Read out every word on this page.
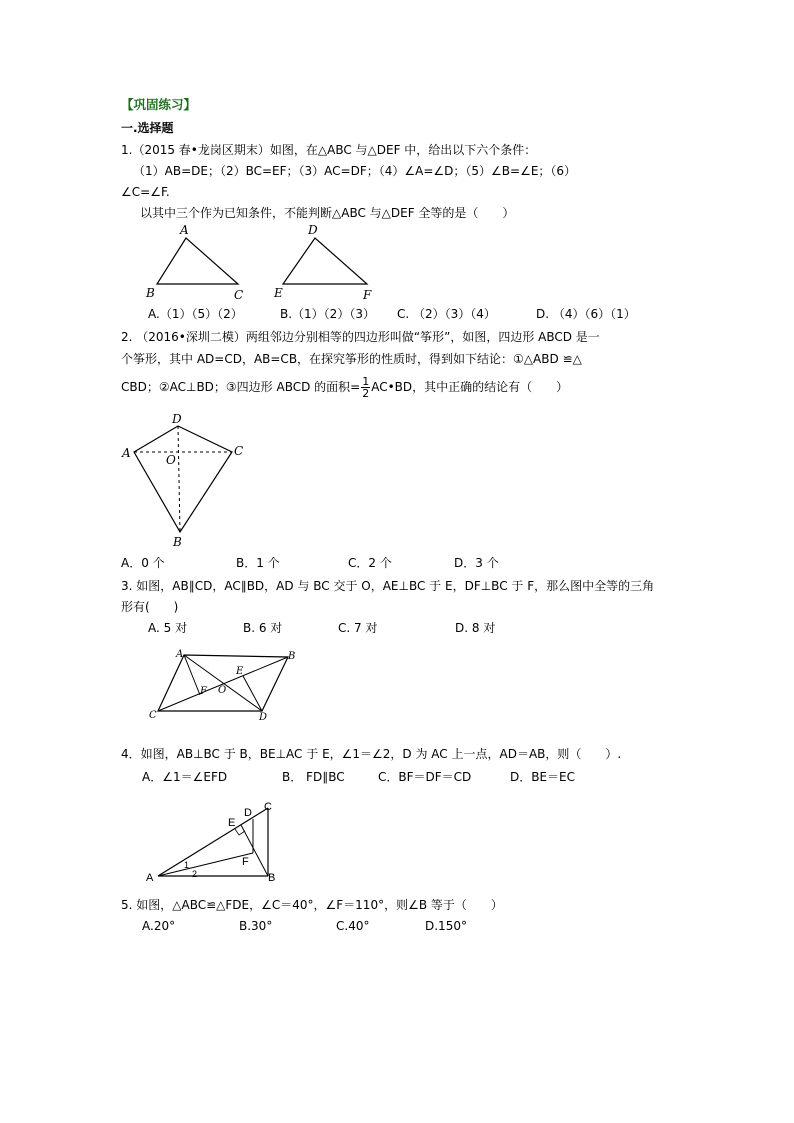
【巩固练习】
一.选择题
1.（2015 春•龙岗区期末）如图，在△ABC 与△DEF 中，给出以下六个条件：
（1）AB=DE；（2）BC=EF；（3）AC=DF；（4）∠A=∠D；（5）∠B=∠E；（6）
∠C=∠F.
以其中三个作为已知条件，不能判断△ABC 与△DEF 全等的是（　　）
A
B	C
D
E	F
A.（1）（5）（2）	B.（1）（2）（3） C. （2）（3）（4）	D. （4）（6）（1）
2. （2016•深圳二模）两组邻边分别相等的四边形叫做“筝形”，如图，四边形 ABCD 是一
个筝形，其中 AD=CD，AB=CB，在探究筝形的性质时，得到如下结论：①△ABD ≌△
CBD；②AC⊥BD；③四边形 ABCD 的面积= $\frac{1}{2}$ AC•BD，其中正确的结论有（　　）
D
A	C
O
B
A．0 个	B．1 个	C．2 个	D．3 个
3. 如图，AB∥CD，AC∥BD，AD 与 BC 交于 O，AE⊥BC 于 E，DF⊥BC 于 F，那么图中全等的三角
形有(　　)
A. 5 对	B. 6 对	C. 7 对	D. 8 对
A	B
C	D
E
F O
4．如图，AB⊥BC 于 B，BE⊥AC 于 E，∠1＝∠2，D 为 AC 上一点，AD＝AB，则（　　）.
A．∠1＝∠EFD	B． FD∥BC	C．BF＝DF＝CD	D．BE＝EC
A	B
C
D
E
F
1
2
5. 如图，△ABC≌△FDE，∠C＝40°，∠F＝110°，则∠B 等于（　　）
A.20°	B.30°	C.40°	D.150°
